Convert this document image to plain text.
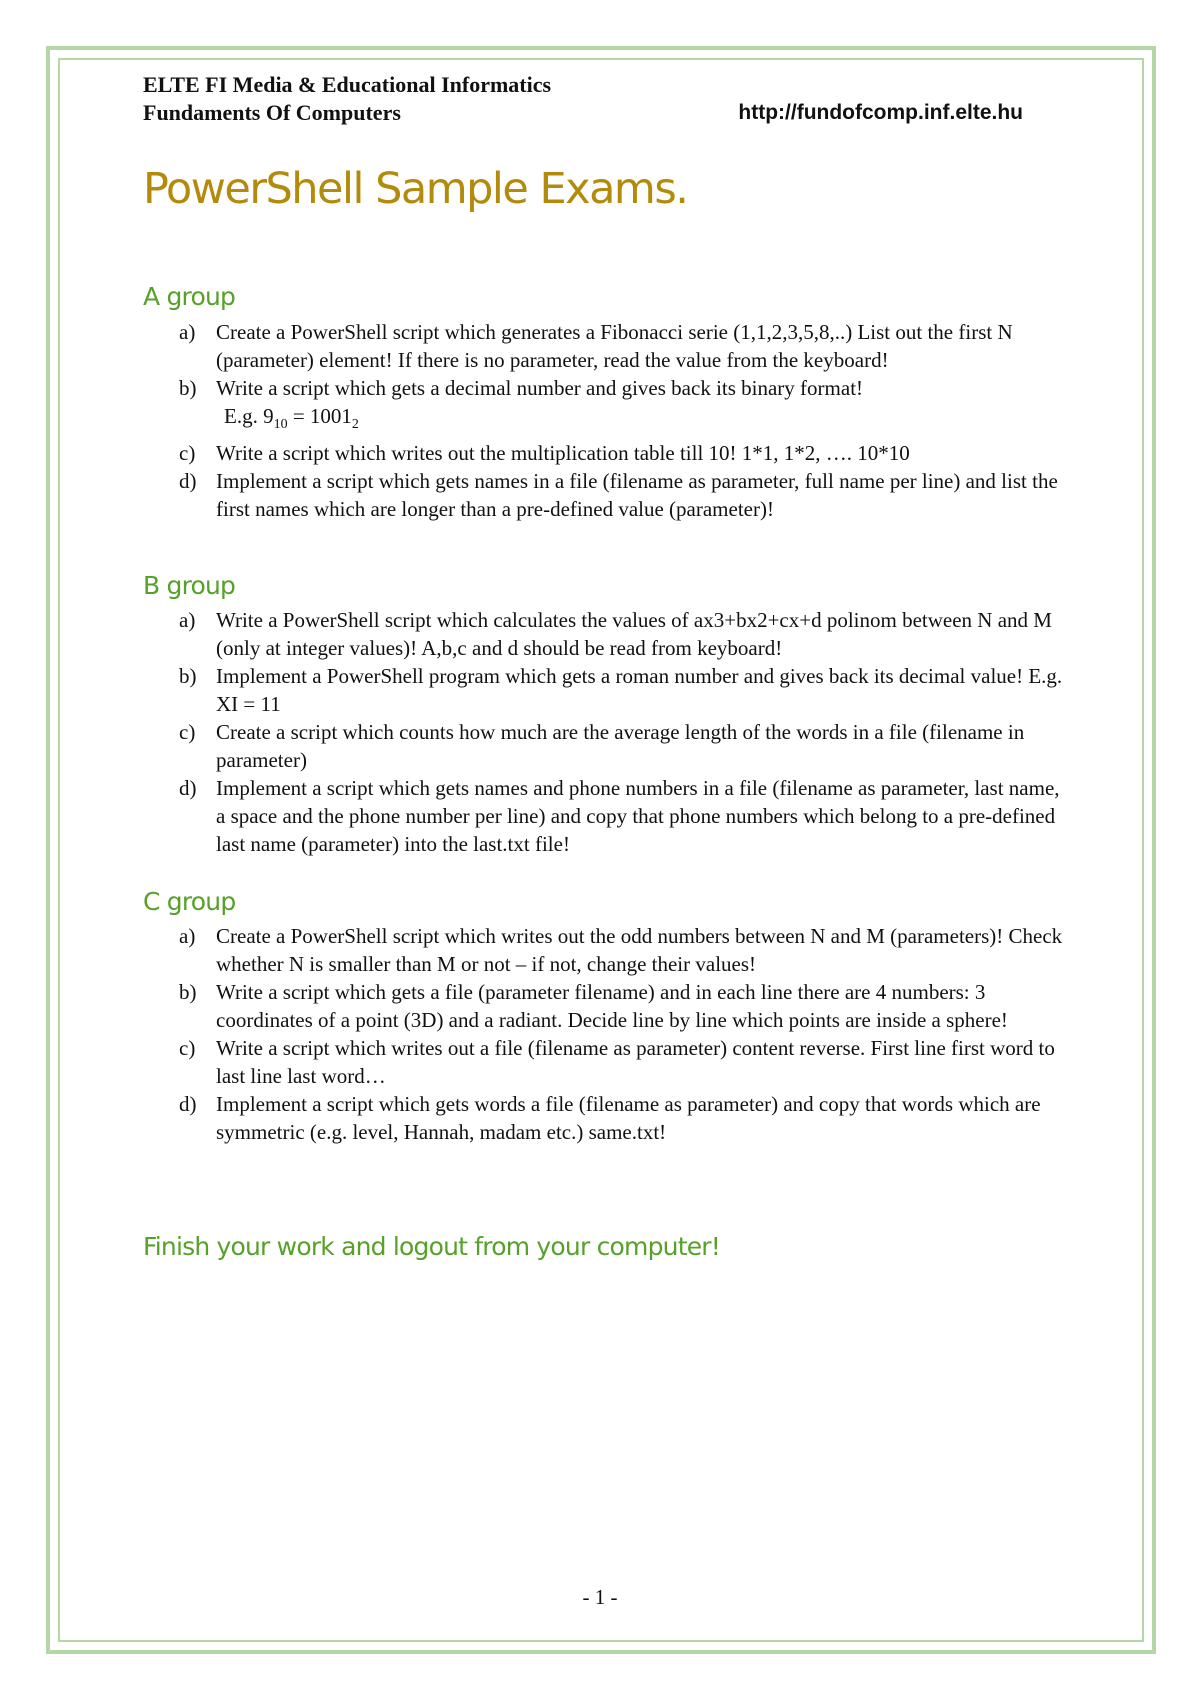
ELTE FI Media & Educational Informatics
Fundaments Of Computers	http://fundofcomp.inf.elte.hu
PowerShell Sample Exams.
A group
a) Create a PowerShell script which generates a Fibonacci serie (1,1,2,3,5,8,..) List out the first N (parameter) element! If there is no parameter, read the value from the keyboard!
b) Write a script which gets a decimal number and gives back its binary format!
E.g. $9_{10} = 1001_2$
c) Write a script which writes out the multiplication table till 10! 1*1, 1*2, …. 10*10
d) Implement a script which gets names in a file (filename as parameter, full name per line) and list the first names which are longer than a pre-defined value (parameter)!
B group
a) Write a PowerShell script which calculates the values of ax3+bx2+cx+d polinom between N and M (only at integer values)! A,b,c and d should be read from keyboard!
b) Implement a PowerShell program which gets a roman number and gives back its decimal value! E.g. XI = 11
c) Create a script which counts how much are the average length of the words in a file (filename in parameter)
d) Implement a script which gets names and phone numbers in a file (filename as parameter, last name, a space and the phone number per line) and copy that phone numbers which belong to a pre-defined last name (parameter) into the last.txt file!
C group
a) Create a PowerShell script which writes out the odd numbers between N and M (parameters)! Check whether N is smaller than M or not – if not, change their values!
b) Write a script which gets a file (parameter filename) and in each line there are 4 numbers: 3 coordinates of a point (3D) and a radiant. Decide line by line which points are inside a sphere!
c) Write a script which writes out a file (filename as parameter) content reverse. First line first word to last line last word…
d) Implement a script which gets words a file (filename as parameter) and copy that words which are symmetric (e.g. level, Hannah, madam etc.) same.txt!
Finish your work and logout from your computer!
- 1 -
